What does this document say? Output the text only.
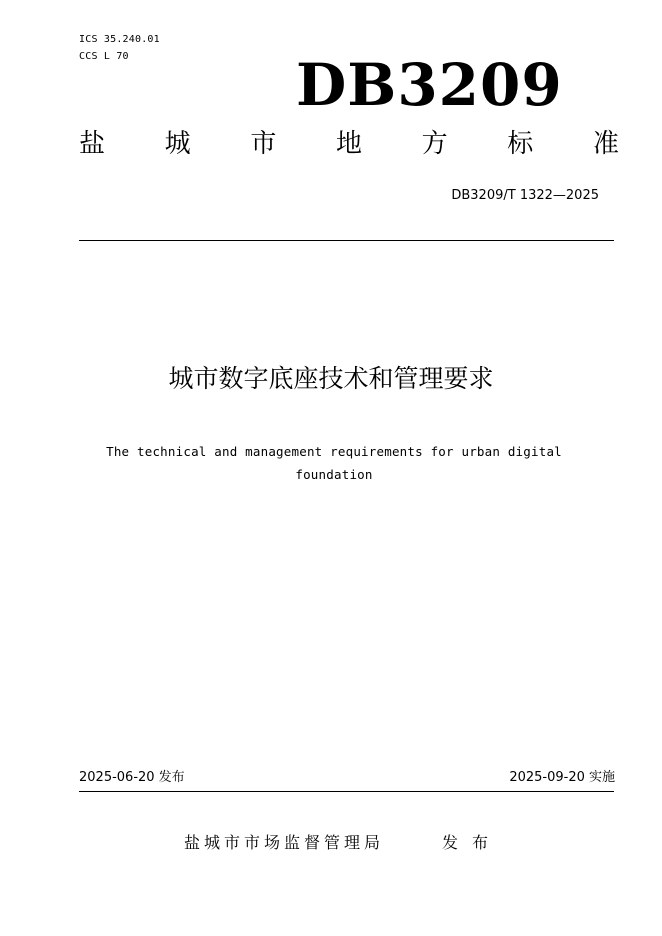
ICS 35.240.01
CCS L 70	DB3209
盐 城 市 地 方 标 准
DB3209/T 1322—2025
城市数字底座技术和管理要求
The technical and management requirements for urban digital foundation
2025-06-20 发布	2025-09-20 实施
盐城市市场监督管理局	发布
